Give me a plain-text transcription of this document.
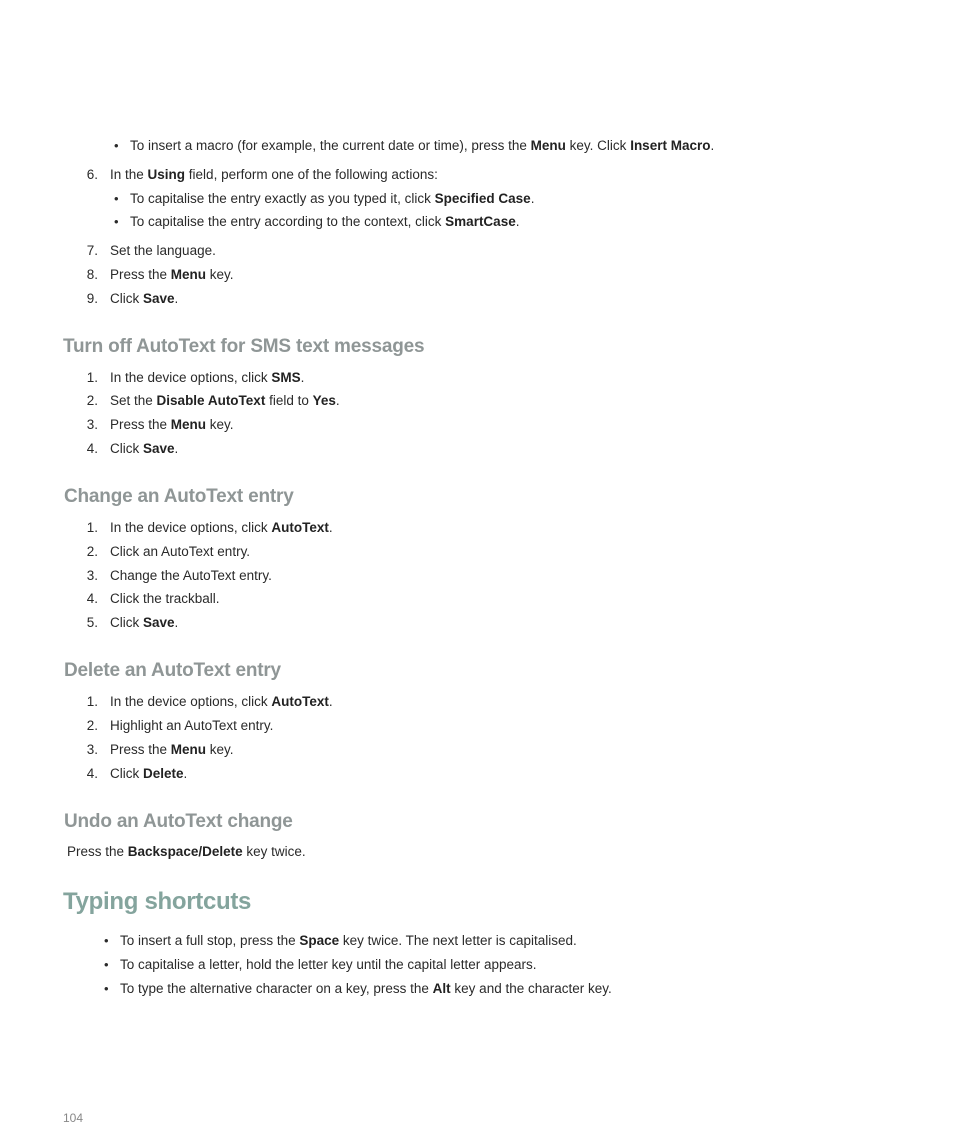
• To insert a macro (for example, the current date or time), press the Menu key. Click Insert Macro.
6. In the Using field, perform one of the following actions:
• To capitalise the entry exactly as you typed it, click Specified Case.
• To capitalise the entry according to the context, click SmartCase.
7. Set the language.
8. Press the Menu key.
9. Click Save.
Turn off AutoText for SMS text messages
1. In the device options, click SMS.
2. Set the Disable AutoText field to Yes.
3. Press the Menu key.
4. Click Save.
Change an AutoText entry
1. In the device options, click AutoText.
2. Click an AutoText entry.
3. Change the AutoText entry.
4. Click the trackball.
5. Click Save.
Delete an AutoText entry
1. In the device options, click AutoText.
2. Highlight an AutoText entry.
3. Press the Menu key.
4. Click Delete.
Undo an AutoText change
Press the Backspace/Delete key twice.
Typing shortcuts
• To insert a full stop, press the Space key twice. The next letter is capitalised.
• To capitalise a letter, hold the letter key until the capital letter appears.
• To type the alternative character on a key, press the Alt key and the character key.
104
